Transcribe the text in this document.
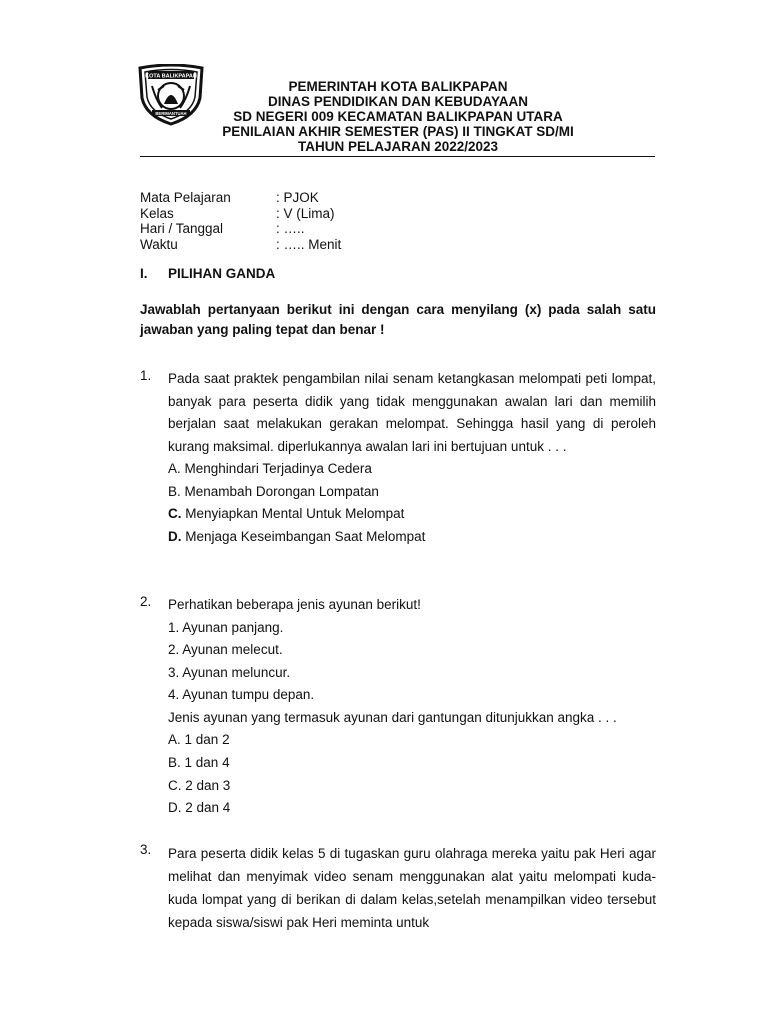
KOTA BALIKPAPAN
BERIMANTUAH
PEMERINTAH KOTA BALIKPAPAN
DINAS PENDIDIKAN DAN KEBUDAYAAN
SD NEGERI 009 KECAMATAN BALIKPAPAN UTARA
PENILAIAN AKHIR SEMESTER (PAS) II TINGKAT SD/MI
TAHUN PELAJARAN 2022/2023
Mata Pelajaran	: PJOK
Kelas	: V (Lima)
Hari / Tanggal	: …..
Waktu	: ….. Menit
I. PILIHAN GANDA
Jawablah pertanyaan berikut ini dengan cara menyilang (x) pada salah satu jawaban yang paling tepat dan benar !
1. Pada saat praktek pengambilan nilai senam ketangkasan melompati peti lompat, banyak para peserta didik yang tidak menggunakan awalan lari dan memilih berjalan saat melakukan gerakan melompat. Sehingga hasil yang di peroleh kurang maksimal. diperlukannya awalan lari ini bertujuan untuk . . .
A. Menghindari Terjadinya Cedera
B. Menambah Dorongan Lompatan
C. Menyiapkan Mental Untuk Melompat
D. Menjaga Keseimbangan Saat Melompat
2. Perhatikan beberapa jenis ayunan berikut!
1. Ayunan panjang.
2. Ayunan melecut.
3. Ayunan meluncur.
4. Ayunan tumpu depan.
Jenis ayunan yang termasuk ayunan dari gantungan ditunjukkan angka . . .
A. 1 dan 2
B. 1 dan 4
C. 2 dan 3
D. 2 dan 4
3. Para peserta didik kelas 5 di tugaskan guru olahraga mereka yaitu pak Heri agar melihat dan menyimak video senam menggunakan alat yaitu melompati kuda-kuda lompat yang di berikan di dalam kelas,setelah menampilkan video tersebut kepada siswa/siswi pak Heri meminta untuk
